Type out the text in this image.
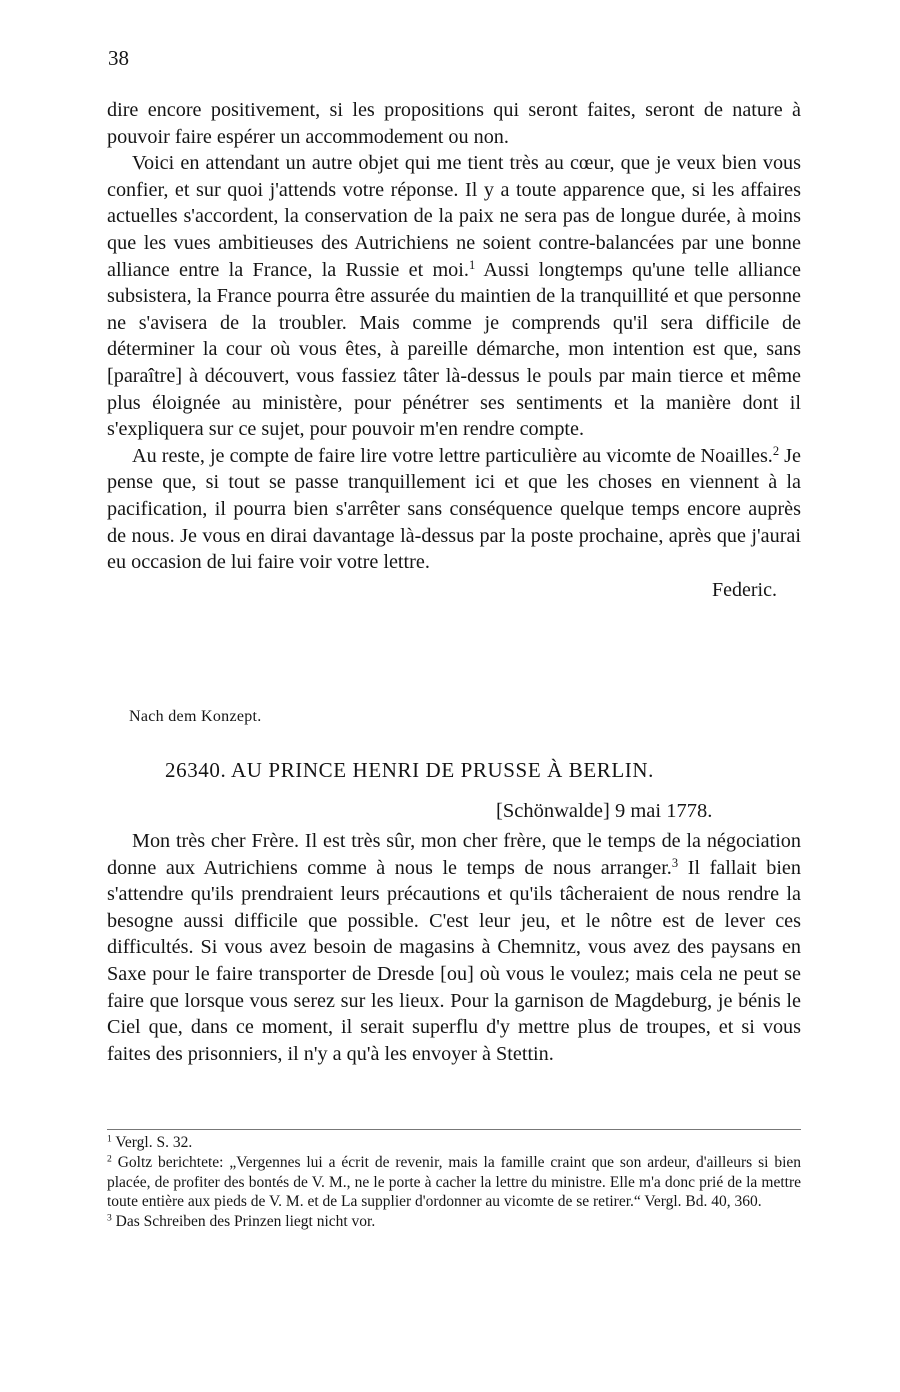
38

dire encore positivement, si les propositions qui seront faites, seront de nature à pouvoir faire espérer un accommodement ou non.

Voici en attendant un autre objet qui me tient très au cœur, que je veux bien vous confier, et sur quoi j'attends votre réponse. Il y a toute apparence que, si les affaires actuelles s'accordent, la conservation de la paix ne sera pas de longue durée, à moins que les vues ambitieuses des Autrichiens ne soient contre-balancées par une bonne alliance entre la France, la Russie et moi.$^1$ Aussi longtemps qu'une telle alliance subsistera, la France pourra être assurée du maintien de la tranquillité et que personne ne s'avisera de la troubler. Mais comme je comprends qu'il sera difficile de déterminer la cour où vous êtes, à pareille démarche, mon intention est que, sans [paraître] à découvert, vous fassiez tâter là-dessus le pouls par main tierce et même plus éloignée au ministère, pour pénétrer ses sentiments et la manière dont il s'expliquera sur ce sujet, pour pouvoir m'en rendre compte.

Au reste, je compte de faire lire votre lettre particulière au vicomte de Noailles.$^2$ Je pense que, si tout se passe tranquillement ici et que les choses en viennent à la pacification, il pourra bien s'arrêter sans conséquence quelque temps encore auprès de nous. Je vous en dirai davantage là-dessus par la poste prochaine, après que j'aurai eu occasion de lui faire voir votre lettre.

Federic.
Nach dem Konzept.
26340. AU PRINCE HENRI DE PRUSSE À BERLIN.
[Schönwalde] 9 mai 1778.

Mon très cher Frère. Il est très sûr, mon cher frère, que le temps de la négociation donne aux Autrichiens comme à nous le temps de nous arranger.$^3$ Il fallait bien s'attendre qu'ils prendraient leurs précautions et qu'ils tâcheraient de nous rendre la besogne aussi difficile que possible. C'est leur jeu, et le nôtre est de lever ces difficultés. Si vous avez besoin de magasins à Chemnitz, vous avez des paysans en Saxe pour le faire transporter de Dresde [ou] où vous le voulez; mais cela ne peut se faire que lorsque vous serez sur les lieux. Pour la garnison de Magdeburg, je bénis le Ciel que, dans ce moment, il serait superflu d'y mettre plus de troupes, et si vous faites des prisonniers, il n'y a qu'à les envoyer à Stettin.

$^1$ Vergl. S. 32.

$^2$ Goltz berichtete: „Vergennes lui a écrit de revenir, mais la famille craint que son ardeur, d'ailleurs si bien placée, de profiter des bontés de V. M., ne le porte à cacher la lettre du ministre. Elle m'a donc prié de la mettre toute entière aux pieds de V. M. et de La supplier d'ordonner au vicomte de se retirer.“ Vergl. Bd. 40, 360.

$^3$ Das Schreiben des Prinzen liegt nicht vor.
